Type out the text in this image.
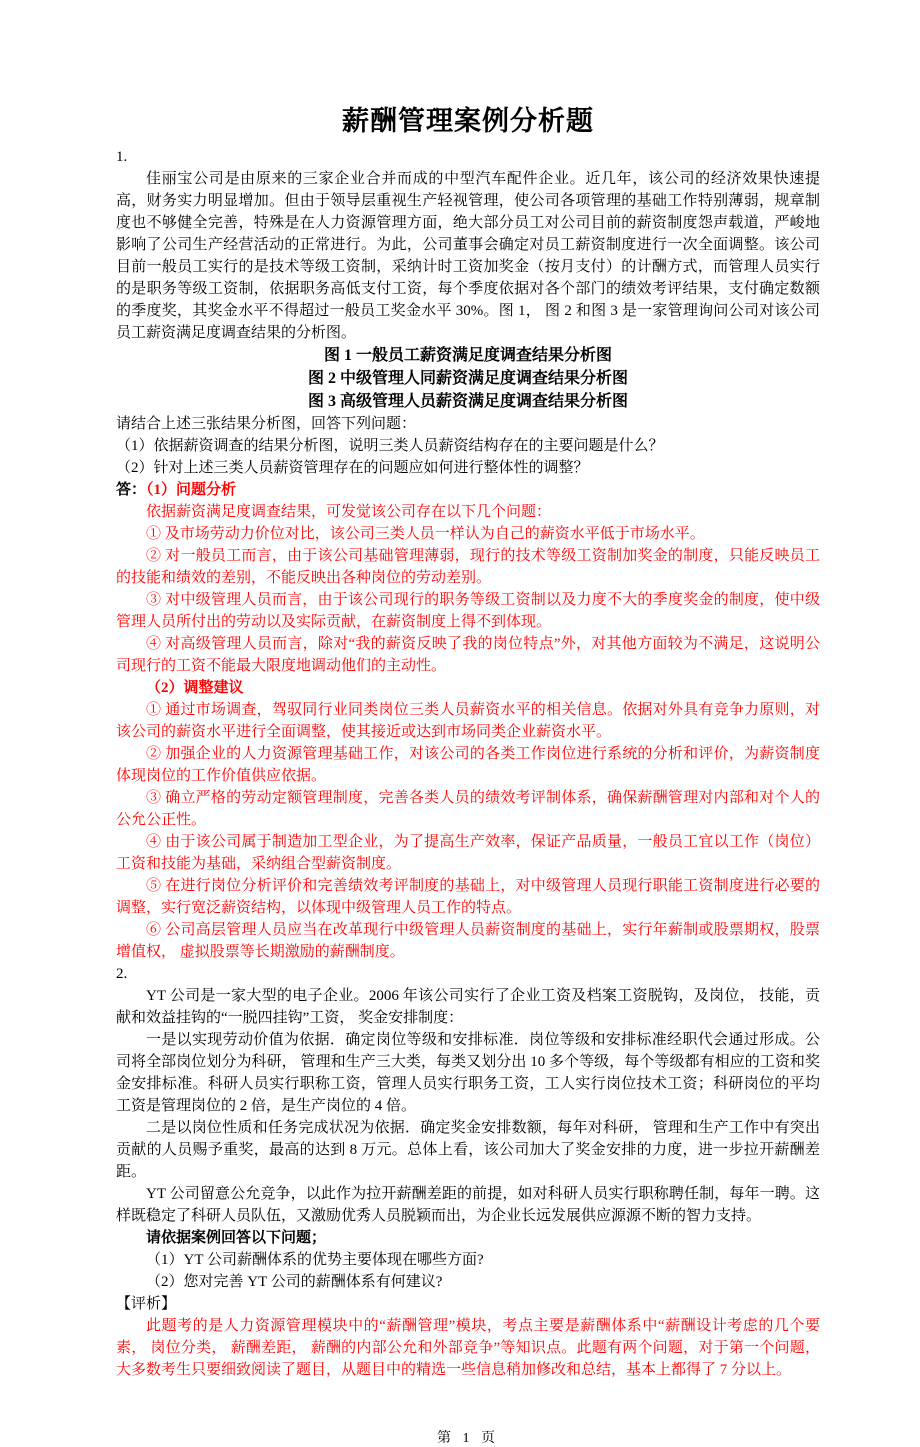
薪酬管理案例分析题

1.

佳丽宝公司是由原来的三家企业合并而成的中型汽车配件企业。近几年，该公司的经济效果快速提高，财务实力明显增加。但由于领导层重视生产轻视管理，使公司各项管理的基础工作特别薄弱，规章制度也不够健全完善，特殊是在人力资源管理方面，绝大部分员工对公司目前的薪资制度怨声载道，严峻地影响了公司生产经营活动的正常进行。为此，公司董事会确定对员工薪资制度进行一次全面调整。该公司目前一般员工实行的是技术等级工资制，采纳计时工资加奖金（按月支付）的计酬方式，而管理人员实行的是职务等级工资制，依据职务高低支付工资，每个季度依据对各个部门的绩效考评结果，支付确定数额的季度奖，其奖金水平不得超过一般员工奖金水平 30%。图 1， 图 2 和图 3 是一家管理询问公司对该公司员工薪资满足度调查结果的分析图。

图 1 一般员工薪资满足度调查结果分析图

图 2 中级管理人同薪资满足度调查结果分析图

图 3 高级管理人员薪资满足度调查结果分析图

请结合上述三张结果分析图，回答下列问题：

（1）依据薪资调查的结果分析图，说明三类人员薪资结构存在的主要问题是什么？

（2）针对上述三类人员薪资管理存在的问题应如何进行整体性的调整？

答：（1）问题分析

依据薪资满足度调查结果，可发觉该公司存在以下几个问题：

① 及市场劳动力价位对比，该公司三类人员一样认为自己的薪资水平低于市场水平。

② 对一般员工而言，由于该公司基础管理薄弱，现行的技术等级工资制加奖金的制度，只能反映员工的技能和绩效的差别，不能反映出各种岗位的劳动差别。

③ 对中级管理人员而言，由于该公司现行的职务等级工资制以及力度不大的季度奖金的制度，使中级管理人员所付出的劳动以及实际贡献，在薪资制度上得不到体现。

④ 对高级管理人员而言，除对“我的薪资反映了我的岗位特点”外，对其他方面较为不满足，这说明公司现行的工资不能最大限度地调动他们的主动性。

（2）调整建议

① 通过市场调查，驾驭同行业同类岗位三类人员薪资水平的相关信息。依据对外具有竞争力原则，对该公司的薪资水平进行全面调整，使其接近或达到市场同类企业薪资水平。

② 加强企业的人力资源管理基础工作，对该公司的各类工作岗位进行系统的分析和评价，为薪资制度体现岗位的工作价值供应依据。

③ 确立严格的劳动定额管理制度，完善各类人员的绩效考评制体系，确保薪酬管理对内部和对个人的公允公正性。

④ 由于该公司属于制造加工型企业，为了提高生产效率，保证产品质量，一般员工宜以工作（岗位）工资和技能为基础，采纳组合型薪资制度。

⑤ 在进行岗位分析评价和完善绩效考评制度的基础上，对中级管理人员现行职能工资制度进行必要的调整，实行宽泛薪资结构，以体现中级管理人员工作的特点。

⑥ 公司高层管理人员应当在改革现行中级管理人员薪资制度的基础上，实行年薪制或股票期权，股票增值权， 虚拟股票等长期激励的薪酬制度。

2.

YT 公司是一家大型的电子企业。2006 年该公司实行了企业工资及档案工资脱钩，及岗位， 技能，贡献和效益挂钩的“一脱四挂钩”工资， 奖金安排制度：

一是以实现劳动价值为依据．确定岗位等级和安排标准．岗位等级和安排标准经职代会通过形成。公司将全部岗位划分为科研， 管理和生产三大类，每类又划分出 10 多个等级，每个等级都有相应的工资和奖金安排标准。科研人员实行职称工资，管理人员实行职务工资，工人实行岗位技术工资；科研岗位的平均工资是管理岗位的 2 倍，是生产岗位的 4 倍。

二是以岗位性质和任务完成状况为依据．确定奖金安排数额，每年对科研， 管理和生产工作中有突出贡献的人员赐予重奖，最高的达到 8 万元。总体上看，该公司加大了奖金安排的力度，进一步拉开薪酬差距。

YT 公司留意公允竞争，以此作为拉开薪酬差距的前提，如对科研人员实行职称聘任制，每年一聘。这样既稳定了科研人员队伍，又激励优秀人员脱颖而出，为企业长远发展供应源源不断的智力支持。

请依据案例回答以下问题；

（1）YT 公司薪酬体系的优势主要体现在哪些方面?

（2）您对完善 YT 公司的薪酬体系有何建议?

【评析】

此题考的是人力资源管理模块中的“薪酬管理”模块，考点主要是薪酬体系中“薪酬设计考虑的几个要素， 岗位分类， 薪酬差距， 薪酬的内部公允和外部竞争”等知识点。此题有两个问题，对于第一个问题，大多数考生只要细致阅读了题目，从题目中的精选一些信息稍加修改和总结，基本上都得了 7 分以上。

第 1 页
